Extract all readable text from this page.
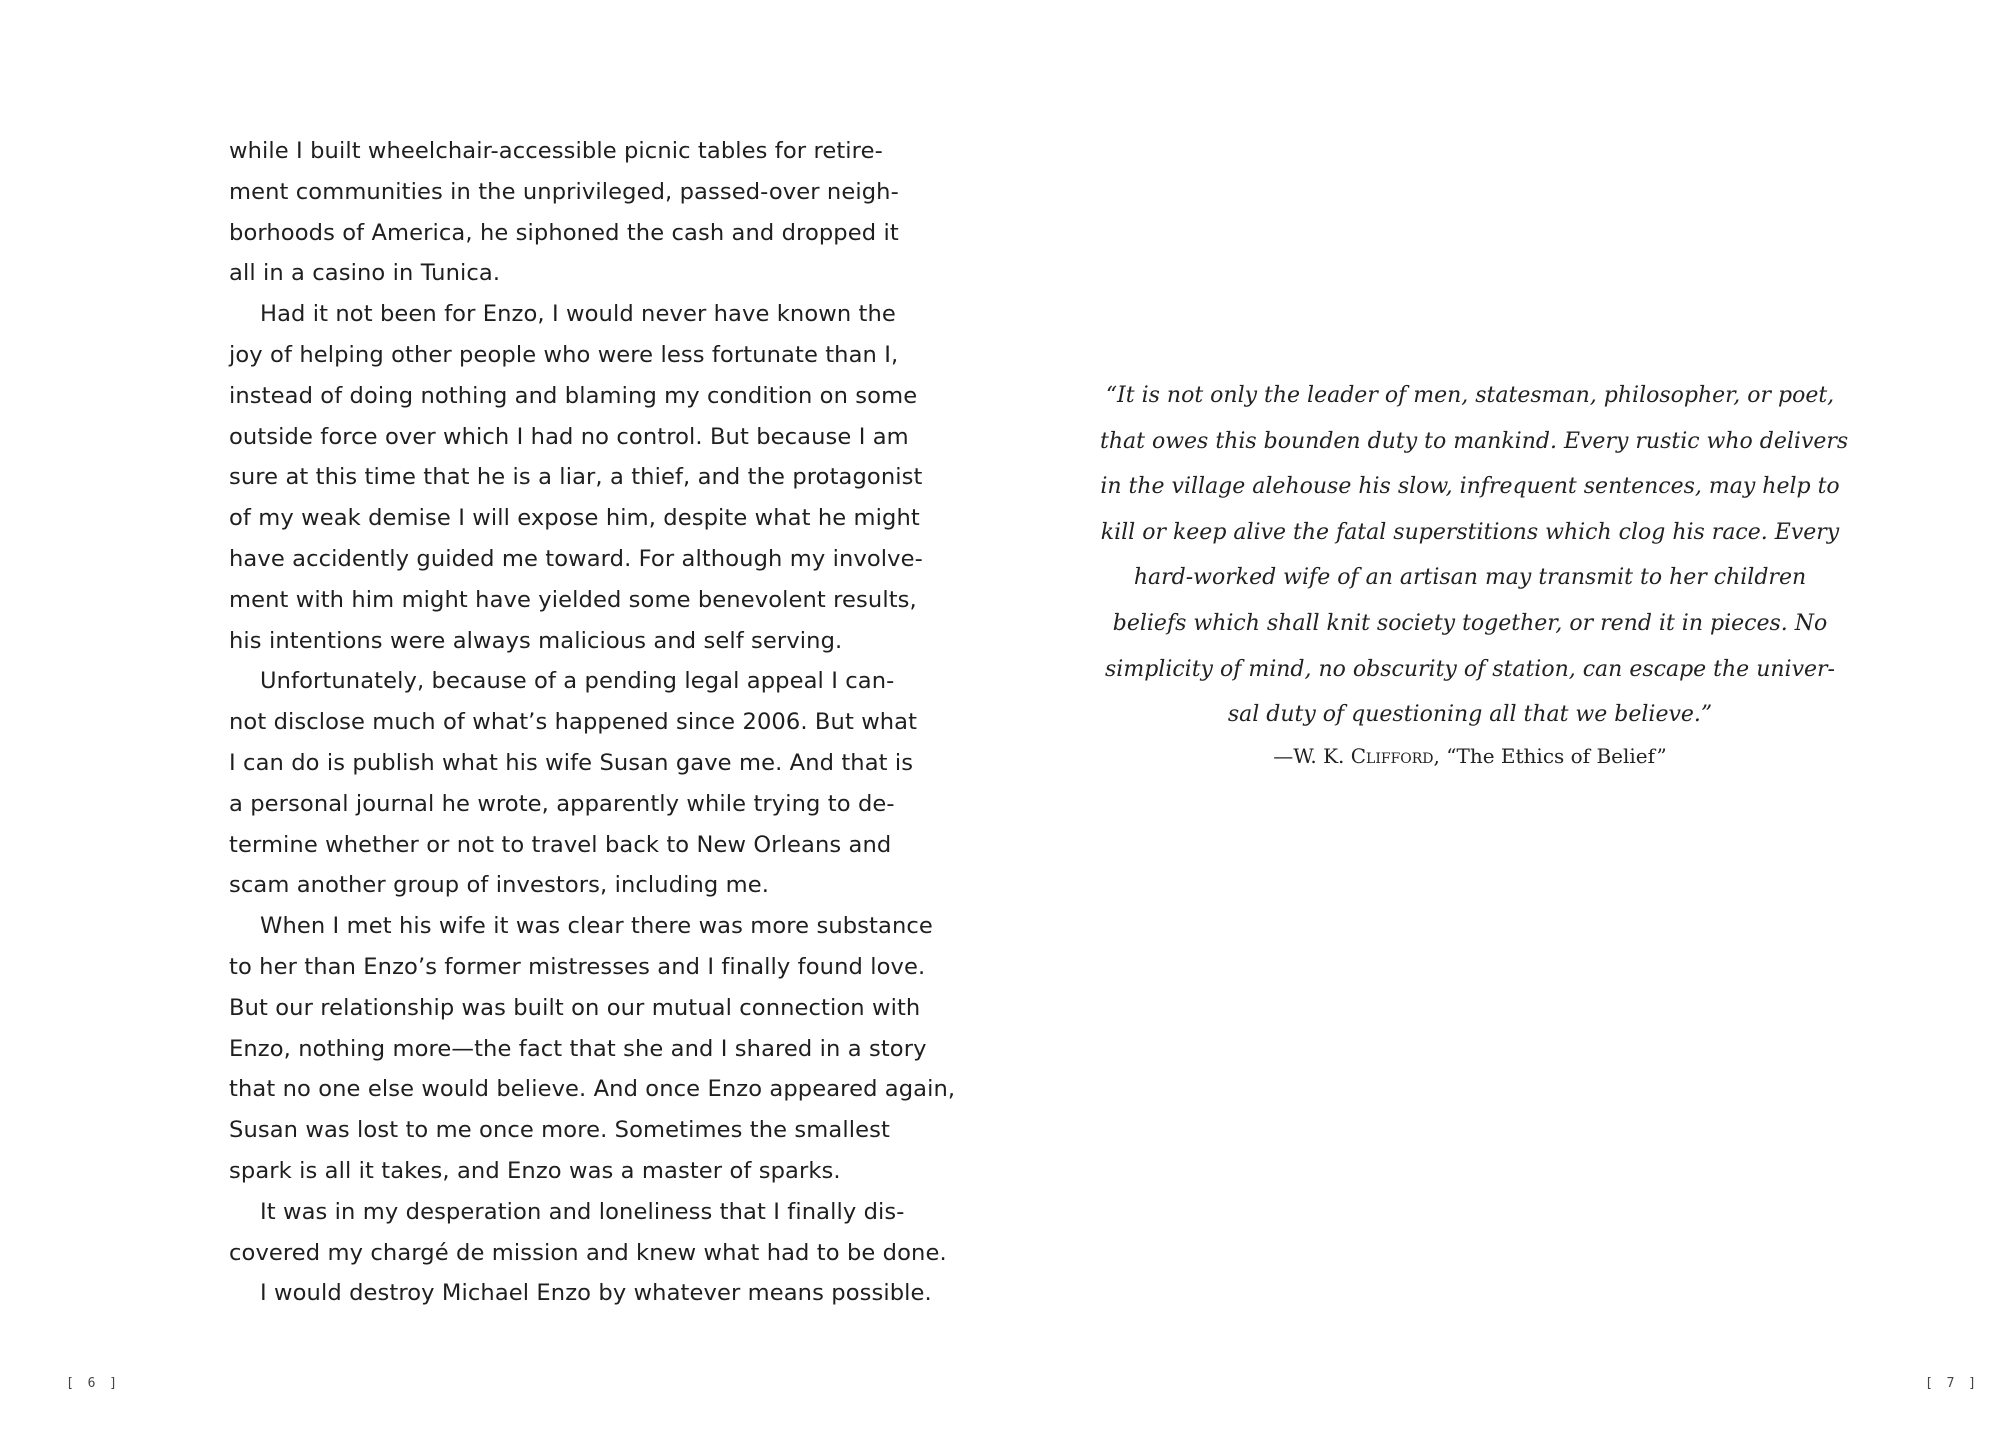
while I built wheelchair-accessible picnic tables for retire-
ment communities in the unprivileged, passed-over neigh-
borhoods of America, he siphoned the cash and dropped it
all in a casino in Tunica.
Had it not been for Enzo, I would never have known the
joy of helping other people who were less fortunate than I,
instead of doing nothing and blaming my condition on some
outside force over which I had no control. But because I am
sure at this time that he is a liar, a thief, and the protagonist
of my weak demise I will expose him, despite what he might
have accidently guided me toward. For although my involve-
ment with him might have yielded some benevolent results,
his intentions were always malicious and self serving.
Unfortunately, because of a pending legal appeal I can-
not disclose much of what’s happened since 2006. But what
I can do is publish what his wife Susan gave me. And that is
a personal journal he wrote, apparently while trying to de-
termine whether or not to travel back to New Orleans and
scam another group of investors, including me.
When I met his wife it was clear there was more substance
to her than Enzo’s former mistresses and I finally found love.
But our relationship was built on our mutual connection with
Enzo, nothing more—the fact that she and I shared in a story
that no one else would believe. And once Enzo appeared again,
Susan was lost to me once more. Sometimes the smallest
spark is all it takes, and Enzo was a master of sparks.
It was in my desperation and loneliness that I finally dis-
covered my chargé de mission and knew what had to be done.
I would destroy Michael Enzo by whatever means possible.
[ 6 ]
“It is not only the leader of men, statesman, philosopher, or poet,
that owes this bounden duty to mankind. Every rustic who delivers
in the village alehouse his slow, infrequent sentences, may help to
kill or keep alive the fatal superstitions which clog his race. Every
hard-worked wife of an artisan may transmit to her children
beliefs which shall knit society together, or rend it in pieces. No
simplicity of mind, no obscurity of station, can escape the univer-
sal duty of questioning all that we believe.”
—W. K. Clifford, “The Ethics of Belief”
[ 7 ]
